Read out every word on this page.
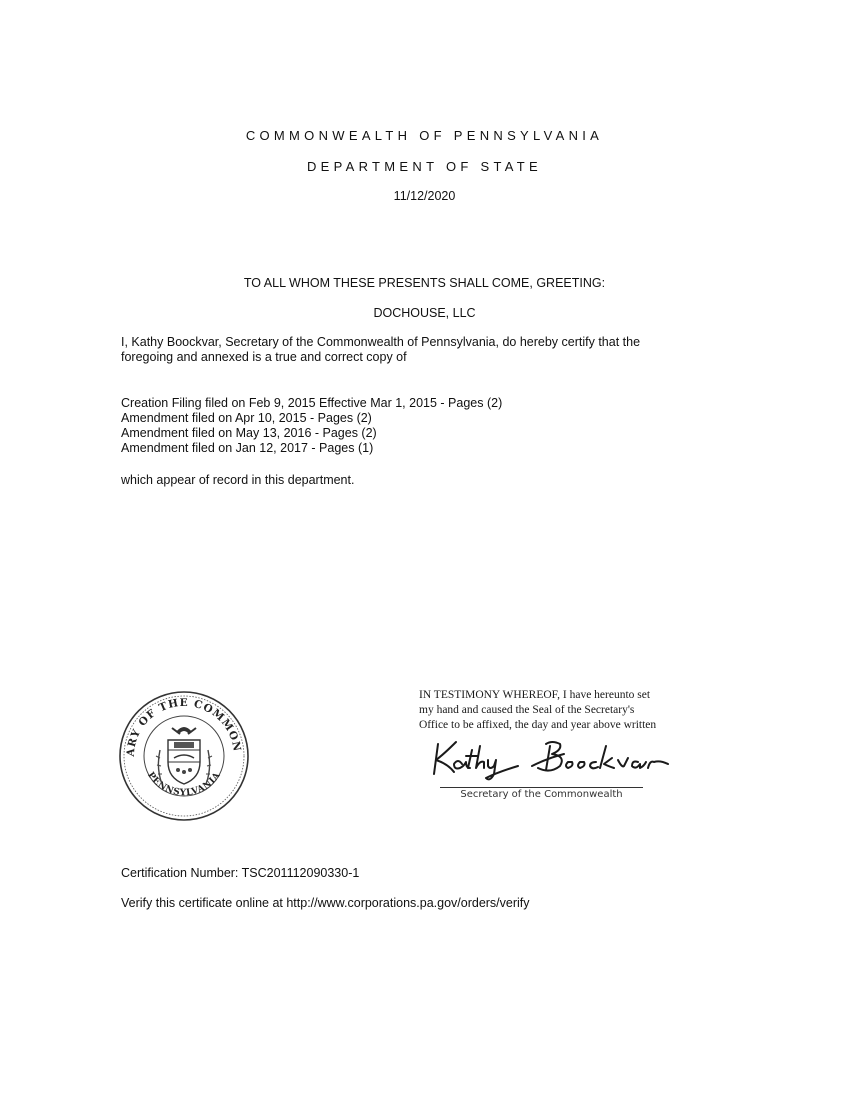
COMMONWEALTH OF PENNSYLVANIA
DEPARTMENT OF STATE
11/12/2020
TO ALL WHOM THESE PRESENTS SHALL COME, GREETING:
DOCHOUSE, LLC
I, Kathy Boockvar, Secretary of the Commonwealth of Pennsylvania, do hereby certify that the
foregoing and annexed is a true and correct copy of
Creation Filing filed on Feb 9, 2015 Effective Mar 1, 2015 - Pages (2)
Amendment filed on Apr 10, 2015 - Pages (2)
Amendment filed on May 13, 2016 - Pages (2)
Amendment filed on Jan 12, 2017 - Pages (1)
which appear of record in this department.
ARY OF THE COMMON
PENNSYLVANIA
IN TESTIMONY WHEREOF, I have hereunto set
my hand and caused the Seal of the Secretary's
Office to be affixed, the day and year above written
Secretary of the Commonwealth
Certification Number: TSC201112090330-1
Verify this certificate online at http://www.corporations.pa.gov/orders/verify
